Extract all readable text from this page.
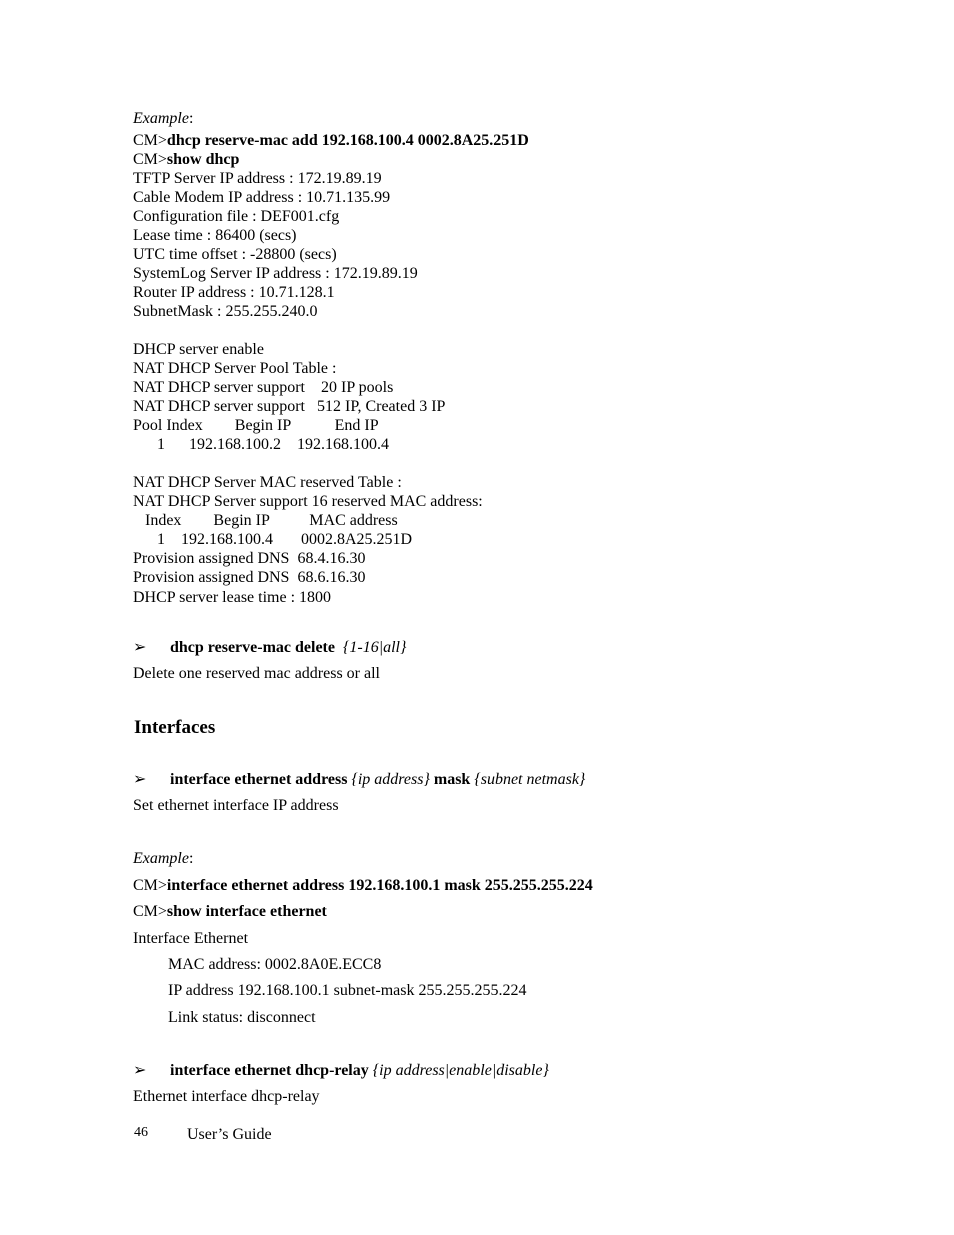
Example:
CM>dhcp reserve-mac add 192.168.100.4 0002.8A25.251D
CM>show dhcp
TFTP Server IP address : 172.19.89.19
Cable Modem IP address : 10.71.135.99
Configuration file : DEF001.cfg
Lease time : 86400 (secs)
UTC time offset : -28800 (secs)
SystemLog Server IP address : 172.19.89.19
Router IP address : 10.71.128.1
SubnetMask : 255.255.240.0
DHCP server enable
NAT DHCP Server Pool Table :
NAT DHCP server support    20 IP pools
NAT DHCP server support   512 IP, Created 3 IP
Pool Index        Begin IP           End IP
1      192.168.100.2    192.168.100.4
NAT DHCP Server MAC reserved Table :
NAT DHCP Server support 16 reserved MAC address:
Index        Begin IP          MAC address
1    192.168.100.4       0002.8A25.251D
Provision assigned DNS  68.4.16.30
Provision assigned DNS  68.6.16.30
DHCP server lease time : 1800
➢ dhcp reserve-mac delete {1-16|all}
Delete one reserved mac address or all
Interfaces
➢ interface ethernet address {ip address} mask {subnet netmask}
Set ethernet interface IP address
Example:
CM>interface ethernet address 192.168.100.1 mask 255.255.255.224
CM>show interface ethernet
Interface Ethernet
MAC address: 0002.8A0E.ECC8
IP address 192.168.100.1 subnet-mask 255.255.255.224
Link status: disconnect
➢ interface ethernet dhcp-relay {ip address|enable|disable}
Ethernet interface dhcp-relay
46 User’s Guide
